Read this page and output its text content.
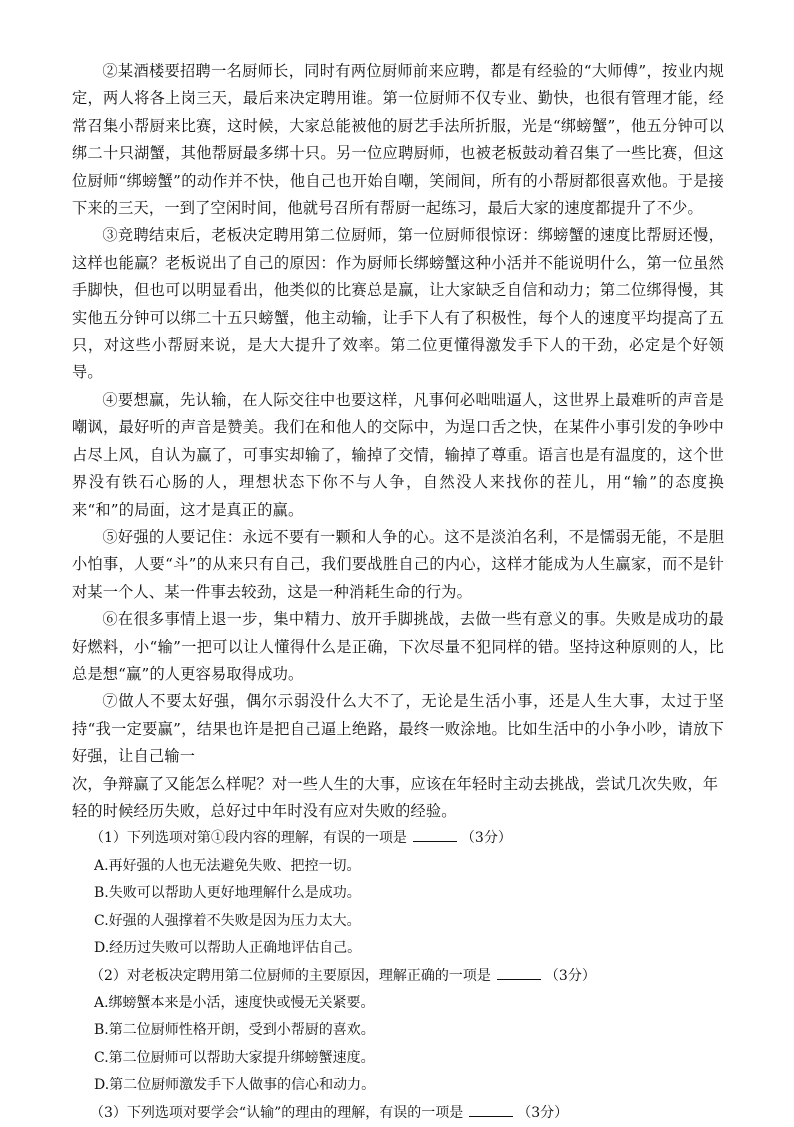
②某酒楼要招聘一名厨师长，同时有两位厨师前来应聘，都是有经验的“大师傅”，按业内规定，两人将各上岗三天，最后来决定聘用谁。第一位厨师不仅专业、勤快，也很有管理才能，经常召集小帮厨来比赛，这时候，大家总能被他的厨艺手法所折服，光是“绑螃蟹”，他五分钟可以绑二十只湖蟹，其他帮厨最多绑十只。另一位应聘厨师，也被老板鼓动着召集了一些比赛，但这位厨师“绑螃蟹”的动作并不快，他自己也开始自嘲，笑闹间，所有的小帮厨都很喜欢他。于是接下来的三天，一到了空闲时间，他就号召所有帮厨一起练习，最后大家的速度都提升了不少。

③竞聘结束后，老板决定聘用第二位厨师，第一位厨师很惊讶：绑螃蟹的速度比帮厨还慢，这样也能赢？老板说出了自己的原因：作为厨师长绑螃蟹这种小活并不能说明什么，第一位虽然手脚快，但也可以明显看出，他类似的比赛总是赢，让大家缺乏自信和动力；第二位绑得慢，其实他五分钟可以绑二十五只螃蟹，他主动输，让手下人有了积极性，每个人的速度平均提高了五只，对这些小帮厨来说，是大大提升了效率。第二位更懂得激发手下人的干劲，必定是个好领导。

④要想赢，先认输，在人际交往中也要这样，凡事何必咄咄逼人，这世界上最难听的声音是嘲讽，最好听的声音是赞美。我们在和他人的交际中，为逞口舌之快，在某件小事引发的争吵中占尽上风，自认为赢了，可事实却输了，输掉了交情，输掉了尊重。语言也是有温度的，这个世界没有铁石心肠的人，理想状态下你不与人争，自然没人来找你的茬儿，用“输”的态度换来“和”的局面，这才是真正的赢。

⑤好强的人要记住：永远不要有一颗和人争的心。这不是淡泊名利，不是懦弱无能，不是胆小怕事，人要“斗”的从来只有自己，我们要战胜自己的内心，这样才能成为人生赢家，而不是针对某一个人、某一件事去较劲，这是一种消耗生命的行为。

⑥在很多事情上退一步，集中精力、放开手脚挑战，去做一些有意义的事。失败是成功的最好燃料，小“输”一把可以让人懂得什么是正确，下次尽量不犯同样的错。坚持这种原则的人，比总是想“赢”的人更容易取得成功。

⑦做人不要太好强，偶尔示弱没什么大不了，无论是生活小事，还是人生大事，太过于坚持“我一定要赢”，结果也许是把自己逼上绝路，最终一败涂地。比如生活中的小争小吵，请放下好强，让自己输一

次，争辩赢了又能怎么样呢？对一些人生的大事，应该在年轻时主动去挑战，尝试几次失败，年轻的时候经历失败，总好过中年时没有应对失败的经验。

（1）下列选项对第①段内容的理解，有误的一项是	（3分）

A.再好强的人也无法避免失败、把控一切。

B.失败可以帮助人更好地理解什么是成功。

C.好强的人强撑着不失败是因为压力太大。

D.经历过失败可以帮助人正确地评估自己。

（2）对老板决定聘用第二位厨师的主要原因，理解正确的一项是	（3分）

A.绑螃蟹本来是小活，速度快或慢无关紧要。

B.第二位厨师性格开朗，受到小帮厨的喜欢。

C.第二位厨师可以帮助大家提升绑螃蟹速度。

D.第二位厨师激发手下人做事的信心和动力。

（3）下列选项对要学会“认输”的理由的理解，有误的一项是	（3分）
